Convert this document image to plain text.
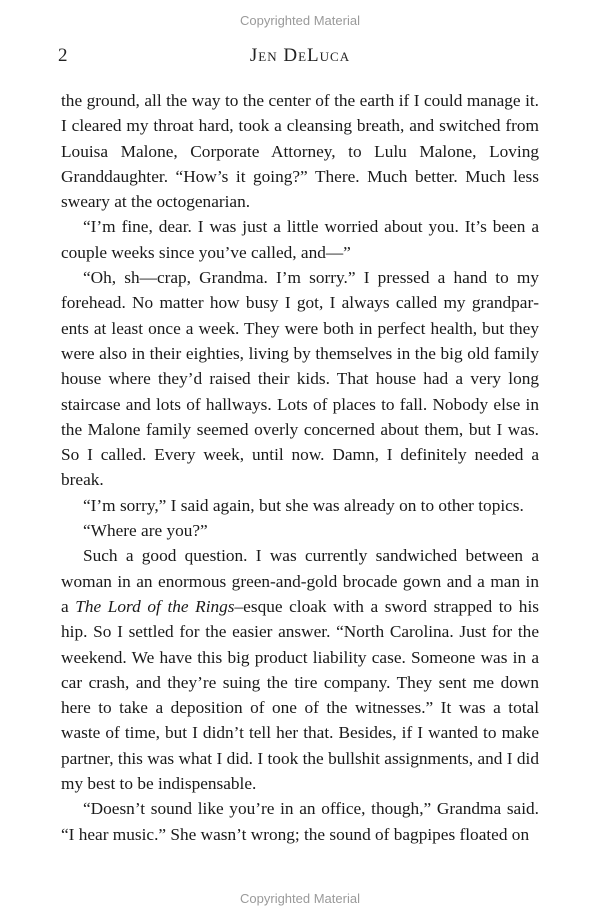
Copyrighted Material
2	Jen DeLuca

the ground, all the way to the center of the earth if I could manage it. I cleared my throat hard, took a cleansing breath, and switched from Louisa Malone, Corporate Attorney, to Lulu Malone, Loving Granddaughter. “How’s it going?” There. Much better. Much less sweary at the octogenarian.

“I’m fine, dear. I was just a little worried about you. It’s been a couple weeks since you’ve called, and—”

“Oh, sh—crap, Grandma. I’m sorry.” I pressed a hand to my forehead. No matter how busy I got, I always called my grandparents at least once a week. They were both in perfect health, but they were also in their eighties, living by themselves in the big old family house where they’d raised their kids. That house had a very long staircase and lots of hallways. Lots of places to fall. Nobody else in the Malone family seemed overly concerned about them, but I was. So I called. Every week, until now. Damn, I definitely needed a break.

“I’m sorry,” I said again, but she was already on to other topics.

“Where are you?”

Such a good question. I was currently sandwiched between a woman in an enormous green-and-gold brocade gown and a man in a The Lord of the Rings–esque cloak with a sword strapped to his hip. So I settled for the easier answer. “North Carolina. Just for the weekend. We have this big product liability case. Someone was in a car crash, and they’re suing the tire company. They sent me down here to take a deposition of one of the witnesses.” It was a total waste of time, but I didn’t tell her that. Besides, if I wanted to make partner, this was what I did. I took the bullshit assignments, and I did my best to be indispensable.

“Doesn’t sound like you’re in an office, though,” Grandma said. “I hear music.” She wasn’t wrong; the sound of bagpipes floated on

Copyrighted Material
